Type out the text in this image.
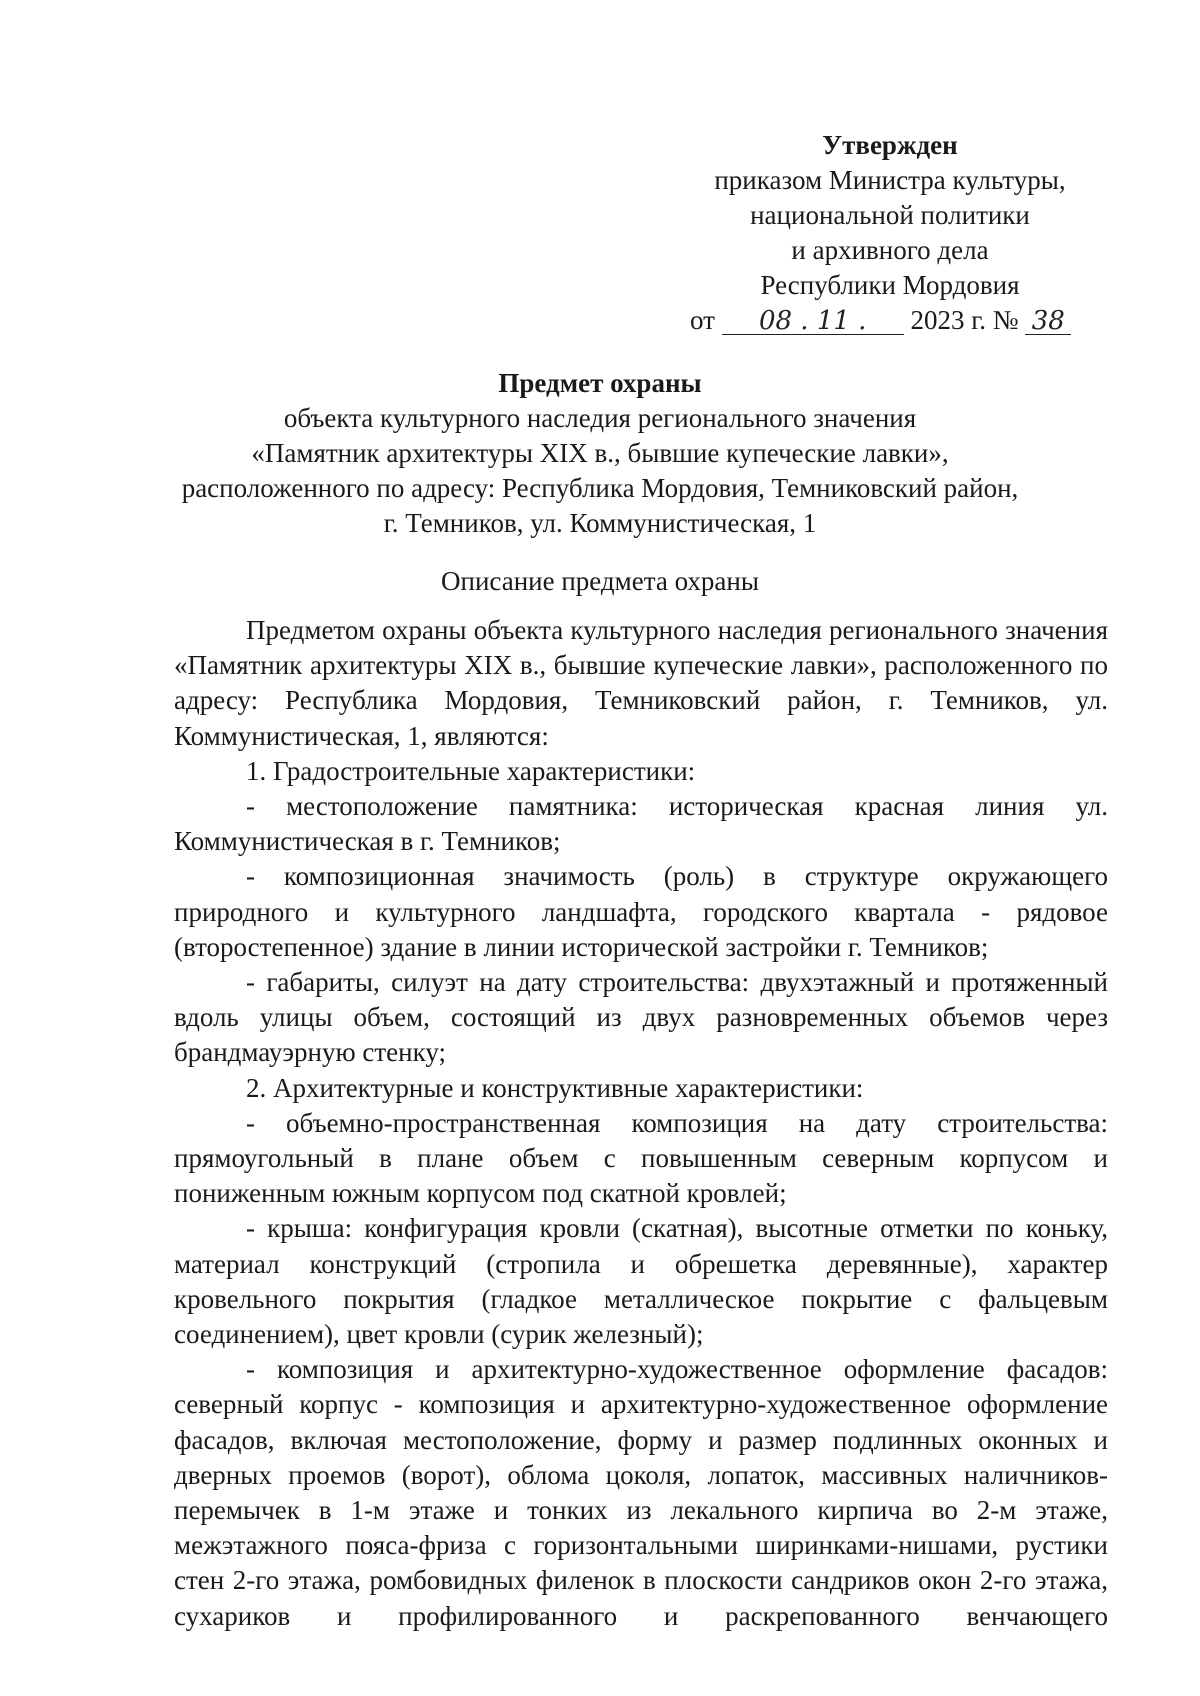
Утвержден
приказом Министра культуры,
национальной политики
и архивного дела
Республики Мордовия
от 08 . 11 . 2023 г. № 38
Предмет охраны
объекта культурного наследия регионального значения
«Памятник архитектуры XIX в., бывшие купеческие лавки»,
расположенного по адресу: Республика Мордовия, Темниковский район,
г. Темников, ул. Коммунистическая, 1
Описание предмета охраны

Предметом охраны объекта культурного наследия регионального значения «Памятник архитектуры XIX в., бывшие купеческие лавки», расположенного по адресу: Республика Мордовия, Темниковский район, г. Темников, ул. Коммунистическая, 1, являются:

1. Градостроительные характеристики:

- местоположение памятника: историческая красная линия ул. Коммунистическая в г. Темников;

- композиционная значимость (роль) в структуре окружающего природного и культурного ландшафта, городского квартала - рядовое (второстепенное) здание в линии исторической застройки г. Темников;

- габариты, силуэт на дату строительства: двухэтажный и протяженный вдоль улицы объем, состоящий из двух разновременных объемов через брандмауэрную стенку;

2. Архитектурные и конструктивные характеристики:

- объемно-пространственная композиция на дату строительства: прямоугольный в плане объем с повышенным северным корпусом и пониженным южным корпусом под скатной кровлей;

- крыша: конфигурация кровли (скатная), высотные отметки по коньку, материал конструкций (стропила и обрешетка деревянные), характер кровельного покрытия (гладкое металлическое покрытие с фальцевым соединением), цвет кровли (сурик железный);

- композиция и архитектурно-художественное оформление фасадов: северный корпус - композиция и архитектурно-художественное оформление фасадов, включая местоположение, форму и размер подлинных оконных и дверных проемов (ворот), облома цоколя, лопаток, массивных наличников-перемычек в 1-м этаже и тонких из лекального кирпича во 2-м этаже, межэтажного пояса-фриза с горизонтальными ширинками-нишами, рустики стен 2-го этажа, ромбовидных филенок в плоскости сандриков окон 2-го этажа, сухариков и профилированного и раскрепованного венчающего
